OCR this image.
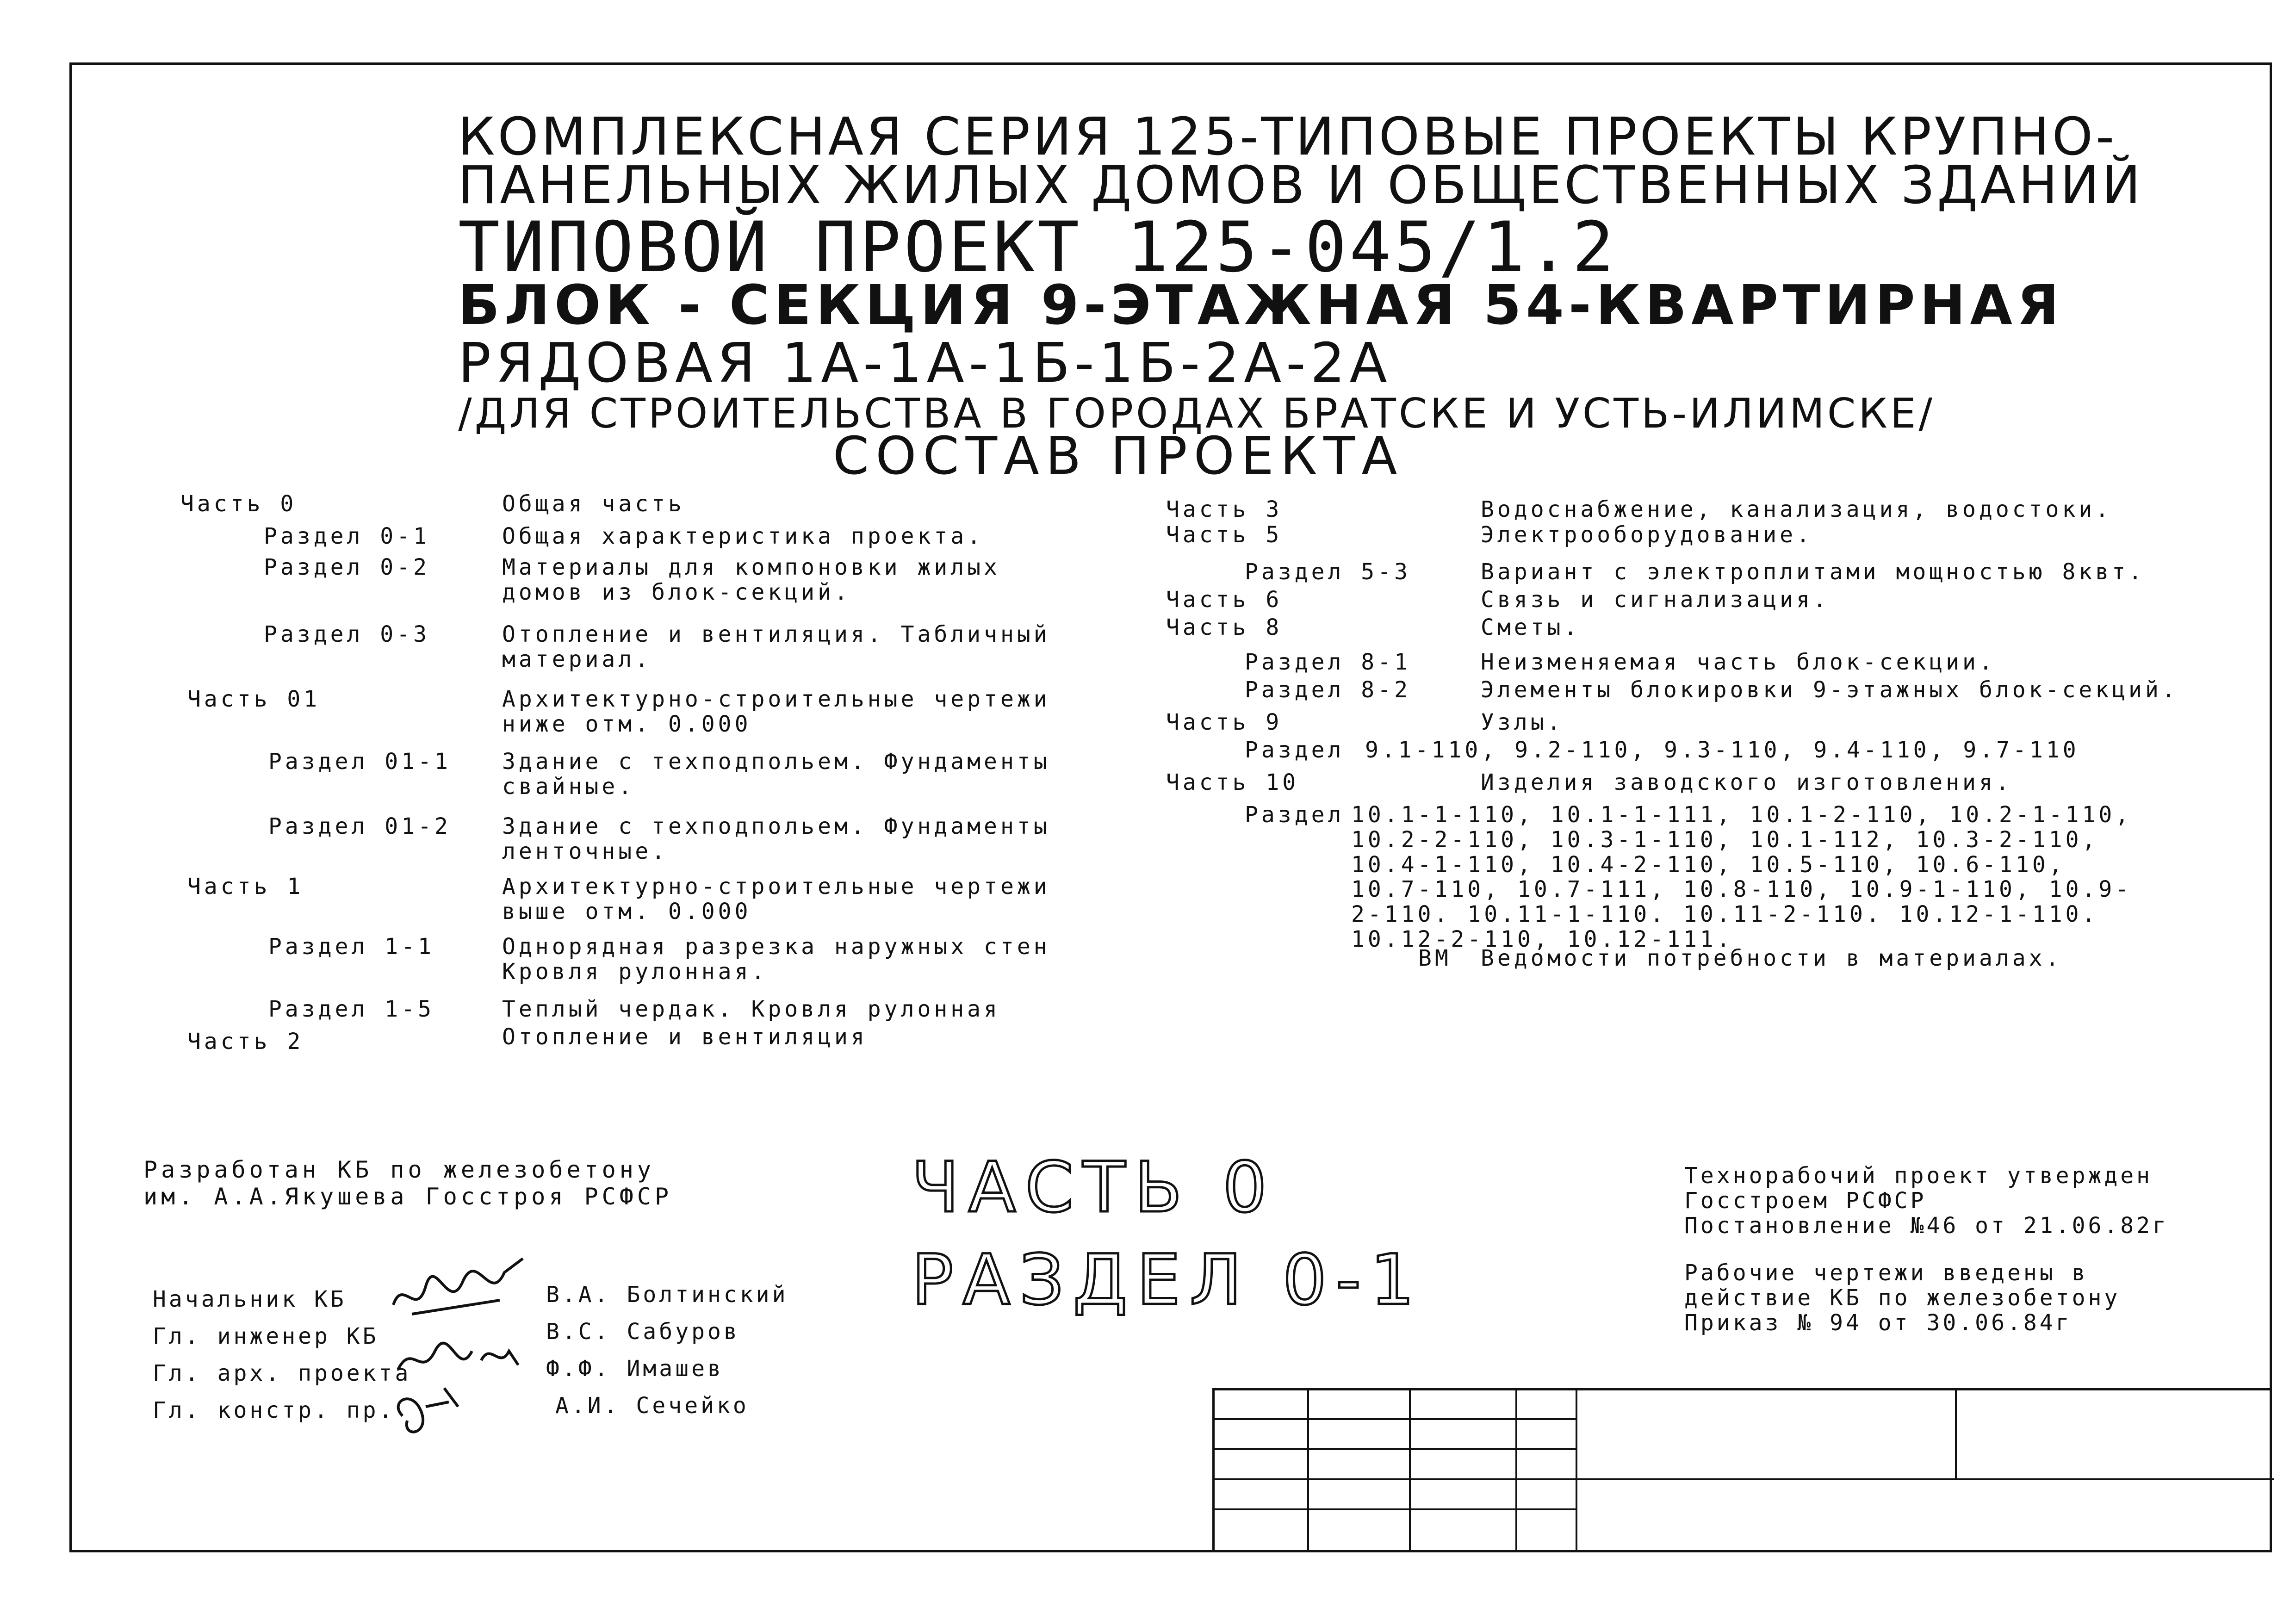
КОМПЛЕКСНАЯ СЕРИЯ 125-ТИПОВЫЕ ПРОЕКТЫ КРУПНО-
ПАНЕЛЬНЫХ ЖИЛЫХ ДОМОВ И ОБЩЕСТВЕННЫХ ЗДАНИЙ
ТИПОВОЙ ПРОЕКТ 125-045/1.2
БЛОК - СЕКЦИЯ 9-ЭТАЖНАЯ 54-КВАРТИРНАЯ
РЯДОВАЯ 1А-1А-1Б-1Б-2А-2А
/ДЛЯ СТРОИТЕЛЬСТВА В ГОРОДАХ БРАТСКЕ И УСТЬ-ИЛИМСКЕ/
СОСТАВ ПРОЕКТА
Часть 0	Общая часть
Раздел 0-1	Общая характеристика проекта.
Раздел 0-2	Материалы для компоновки жилых домов из блок-секций.
Раздел 0-3	Отопление и вентиляция. Табличный материал.
Часть 01	Архитектурно-строительные чертежи ниже отм. 0.000
Раздел 01-1 Здание с техподпольем. Фундаменты свайные.
Раздел 01-2 Здание с техподпольем. Фундаменты ленточные.
Часть 1	Архитектурно-строительные чертежи выше отм. 0.000
Раздел 1-1	Однорядная разрезка наружных стен Кровля рулонная.
Раздел 1-5	Теплый чердак. Кровля рулонная
Часть 2	Отопление и вентиляция
Часть 3	Водоснабжение, канализация, водостоки.
Часть 5	Электрооборудование.
Раздел 5-3	Вариант с электроплитами мощностью 8квт.
Часть 6	Связь и сигнализация.
Часть 8	Сметы.
Раздел 8-1	Неизменяемая часть блок-секции.
Раздел 8-2	Элементы блокировки 9-этажных блок-секций.
Часть 9	Узлы.
Раздел 9.1-110, 9.2-110, 9.3-110, 9.4-110, 9.7-110
Часть 10	Изделия заводского изготовления.
Раздел 10.1-1-110, 10.1-1-111, 10.1-2-110, 10.2-1-110, 10.2-2-110, 10.3-1-110, 10.1-112, 10.3-2-110, 10.4-1-110, 10.4-2-110, 10.5-110, 10.6-110, 10.7-110, 10.7-111, 10.8-110, 10.9-1-110, 10.9-2-110. 10.11-1-110. 10.11-2-110. 10.12-1-110. 10.12-2-110, 10.12-111.
ВМ Ведомости потребности в материалах.
Разработан КБ по железобетону
им. А.А.Якушева Госстроя РСФСР
Начальник КБ	В.А. Болтинский
Гл. инженер КБ	В.С. Сабуров
Гл. арх. проекта	Ф.Ф. Имашев
Гл. констр. пр.	А.И. Сечейко
ЧАСТЬ 0
РАЗДЕЛ 0-1
Технорабочий проект утвержден
Госстроем РСФСР
Постановление №46 от 21.06.82г
Рабочие чертежи введены в
действие КБ по железобетону
Приказ № 94 от 30.06.84г
